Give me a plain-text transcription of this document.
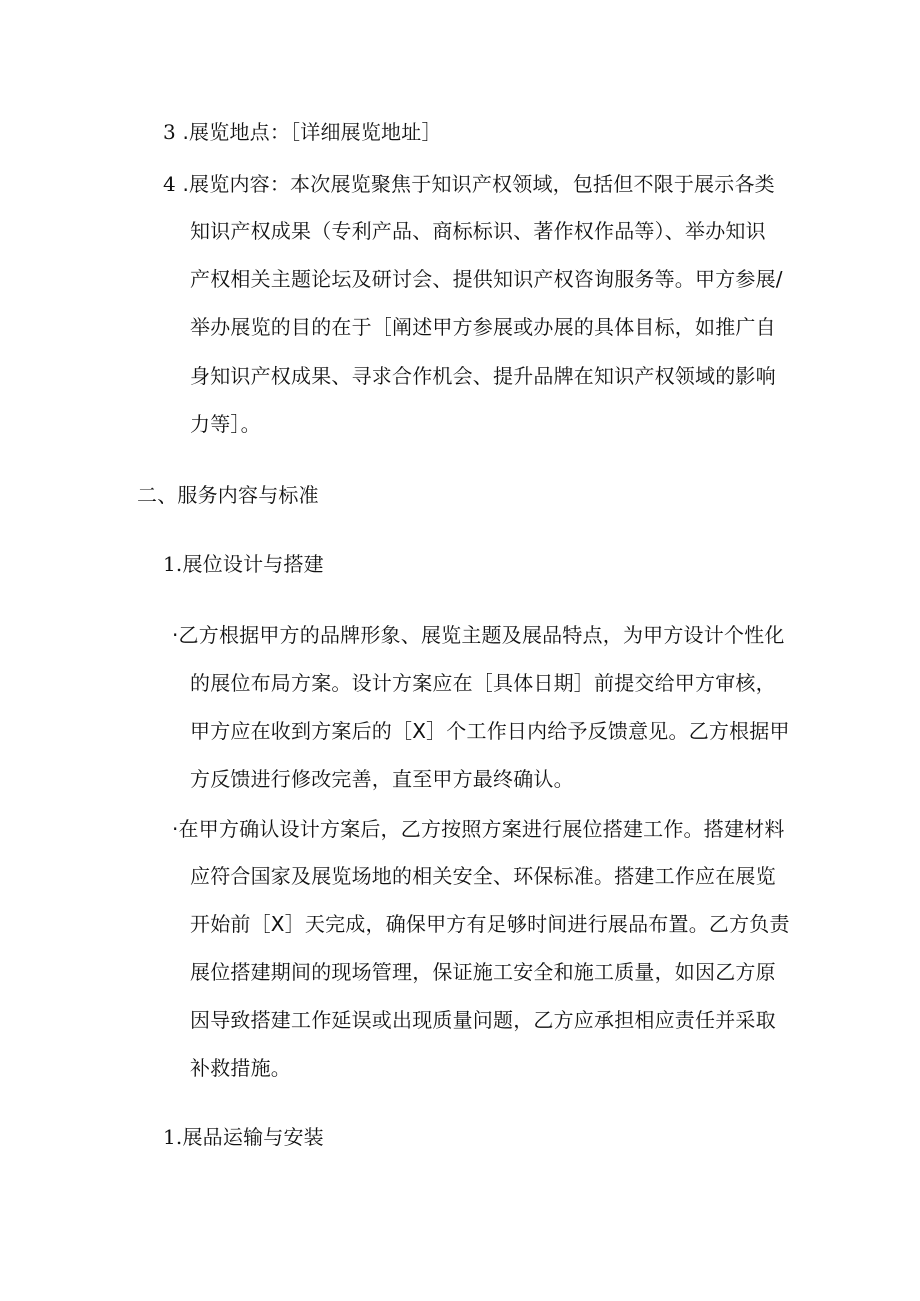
3 .展览地点：［详细展览地址］
4 .展览内容：本次展览聚焦于知识产权领域，包括但不限于展示各类
知识产权成果（专利产品、商标标识、著作权作品等）、举办知识
产权相关主题论坛及研讨会、提供知识产权咨询服务等。甲方参展/
举办展览的目的在于［阐述甲方参展或办展的具体目标，如推广自
身知识产权成果、寻求合作机会、提升品牌在知识产权领域的影响
力等］。
二、服务内容与标准
1.展位设计与搭建
·乙方根据甲方的品牌形象、展览主题及展品特点，为甲方设计个性化
的展位布局方案。设计方案应在［具体日期］前提交给甲方审核，
甲方应在收到方案后的［X］个工作日内给予反馈意见。乙方根据甲
方反馈进行修改完善，直至甲方最终确认。
·在甲方确认设计方案后，乙方按照方案进行展位搭建工作。搭建材料
应符合国家及展览场地的相关安全、环保标准。搭建工作应在展览
开始前［X］天完成，确保甲方有足够时间进行展品布置。乙方负责
展位搭建期间的现场管理，保证施工安全和施工质量，如因乙方原
因导致搭建工作延误或出现质量问题，乙方应承担相应责任并采取
补救措施。
1.展品运输与安装
